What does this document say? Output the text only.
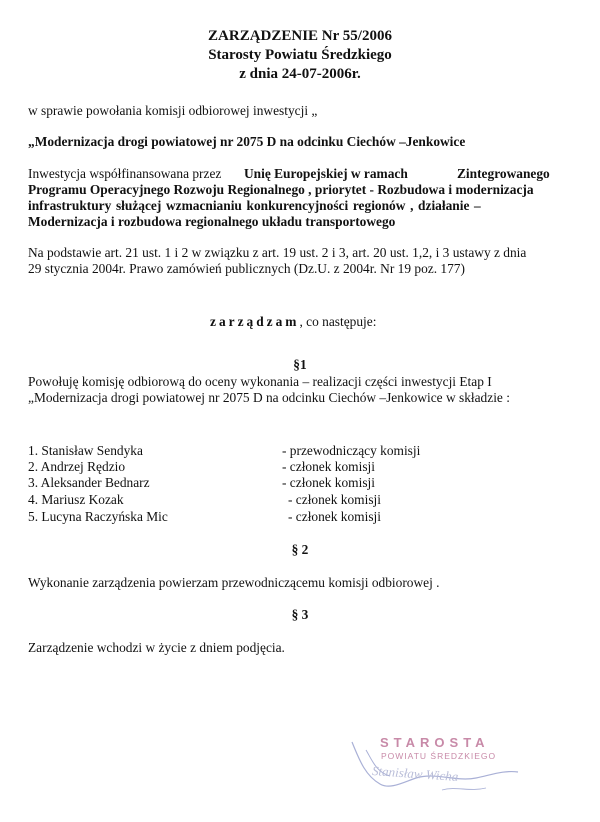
ZARZĄDZENIE Nr 55/2006
Starosty Powiatu Średzkiego
z dnia 24-07-2006r.
w sprawie powołania komisji odbiorowej inwestycji „
„Modernizacja drogi powiatowej nr 2075 D na odcinku Ciechów –Jenkowice
Inwestycja współfinansowana przez Unię Europejskiej w ramach	Zintegrowanego
Programu Operacyjnego Rozwoju Regionalnego , priorytet - Rozbudowa i modernizacja
infrastruktury służącej wzmacnianiu konkurencyjności regionów , działanie –
Modernizacja i rozbudowa regionalnego układu transportowego
Na podstawie art. 21 ust. 1 i 2 w związku z art. 19 ust. 2 i 3, art. 20 ust. 1,2, i 3 ustawy z dnia
29 stycznia 2004r. Prawo zamówień publicznych (Dz.U. z 2004r. Nr 19 poz. 177)
zarządzam, co następuje:
§1
Powołuję komisję odbiorową do oceny wykonania – realizacji części inwestycji Etap I
„Modernizacja drogi powiatowej nr 2075 D na odcinku Ciechów –Jenkowice w składzie :
1. Stanisław Sendyka	- przewodniczący komisji
2. Andrzej Rędzio	- członek komisji
3. Aleksander Bednarz	- członek komisji
4. Mariusz Kozak	- członek komisji
5. Lucyna Raczyńska Mic	- członek komisji
§ 2
Wykonanie zarządzenia powierzam przewodniczącemu komisji odbiorowej .
§ 3
Zarządzenie wchodzi w życie z dniem podjęcia.
STAROSTA
POWIATU ŚREDZKIEGO
Stanisław Wicha
